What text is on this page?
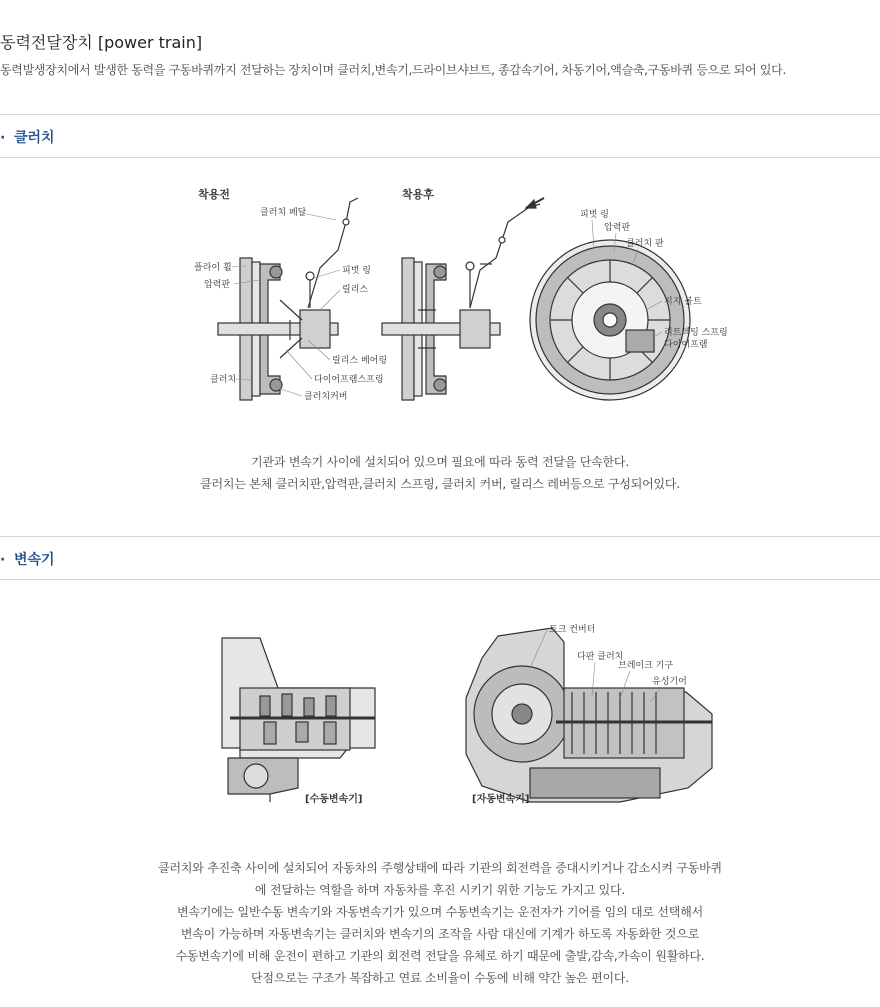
동력전달장치 [power train]
동력발생장치에서 발생한 동력을 구동바퀴까지 전달하는 장치이며 클러치,변속기,드라이브샤브트, 종감속기어, 차동기어,액슬축,구동바퀴 등으로 되어 있다.
· 클러치
착용전	착용후
클러치 페달
플라이 휠
압력판
피벗 링
릴리스
릴리스 베어링
다이어프램스프링
클러치
클러치커버
피벗 링
압력판
클러치 판
지지 볼트
리트렉팅 스프링
다이어프램

기관과 변속기 사이에 설치되어 있으며 필요에 따라 동력 전달을 단속한다.

클러치는 본체 클러치판,압력판,클러치 스프링, 클러치 커버, 릴리스 레버등으로 구성되어있다.

· 변속기
[수동변속기]	[자동변속기]
토크 컨버터
다판 클러치
브레이크 기구
유성기어

클러치와 추진축 사이에 설치되어 자동차의 주행상태에 따라 기관의 회전력을 증대시키거나 감소시켜 구동바퀴

에 전달하는 역할을 하며 자동차를 후진 시키기 위한 기능도 가지고 있다.

변속기에는 일반수동 변속기와 자동변속기가 있으며 수동변속기는 운전자가 기어를 임의 대로 선택해서

변속이 가능하며 자동변속기는 클러치와 변속기의 조작을 사람 대신에 기계가 하도록 자동화한 것으로

수동변속기에 비해 운전이 편하고 기관의 회전력 전달을 유체로 하기 때문에 출발,감속,가속이 원활하다.

단점으로는 구조가 복잡하고 연료 소비율이 수동에 비해 약간 높은 편이다.
